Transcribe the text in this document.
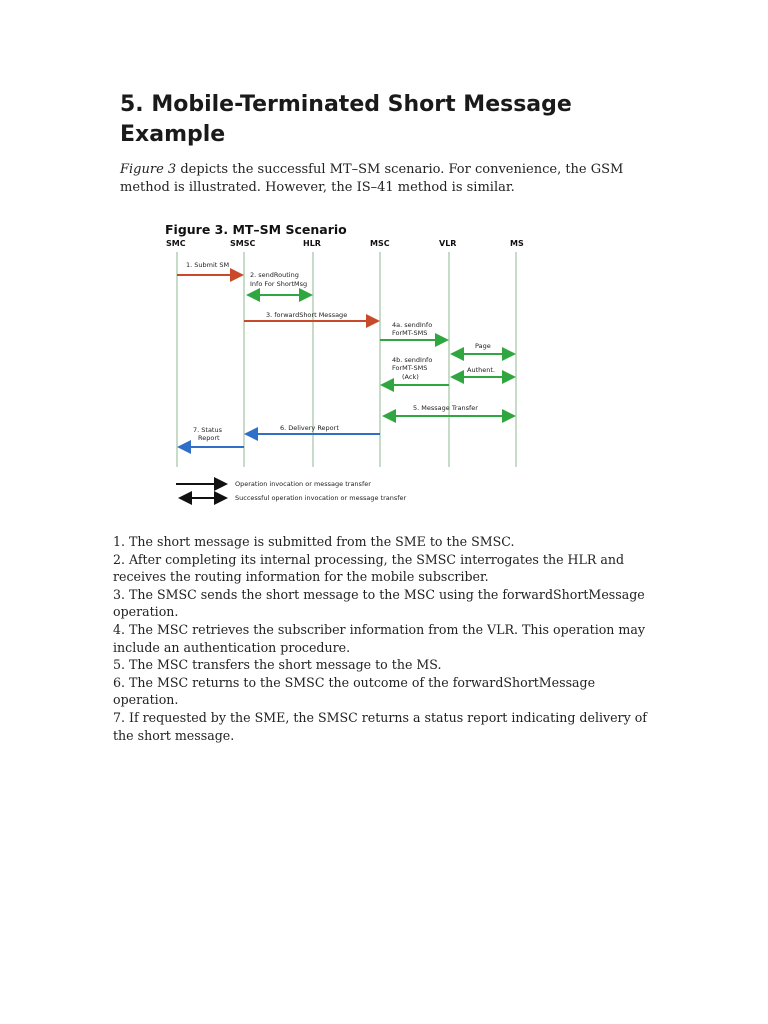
5. Mobile-Terminated Short Message Example
Figure 3 depicts the successful MT–SM scenario. For convenience, the GSM method is illustrated. However, the IS–41 method is similar.
Figure 3. MT–SM Scenario
SMC	SMSC	HLR	MSC	VLR	MS
1. Submit SM
2. sendRouting
Info For ShortMsg
3. forwardShort Message
4a. sendInfo
ForMT-SMS
Page
4b. sendInfo
ForMT-SMS
(Ack)
Authent.
5. Message Transfer
6. Delivery Report
7. Status
Report
Operation invocation or message transfer
Successful operation invocation or message transfer

1. The short message is submitted from the SME to the SMSC.

2. After completing its internal processing, the SMSC interrogates the HLR and receives the routing information for the mobile subscriber.

3. The SMSC sends the short message to the MSC using the forwardShortMessage operation.

4. The MSC retrieves the subscriber information from the VLR. This operation may include an authentication procedure.

5. The MSC transfers the short message to the MS.

6. The MSC returns to the SMSC the outcome of the forwardShortMessage operation.

7. If requested by the SME, the SMSC returns a status report indicating delivery of the short message.
